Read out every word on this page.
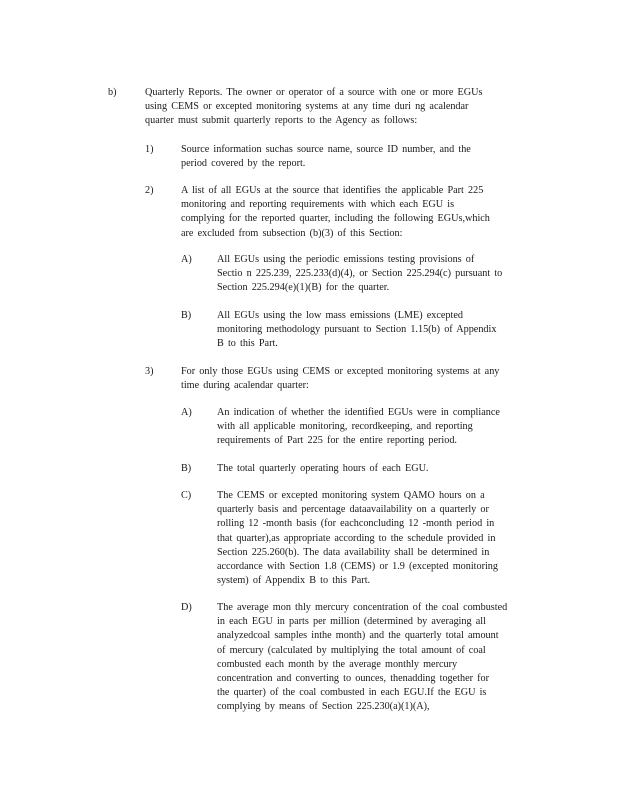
b)	Quarterly Reports. The owner or operator of a source with one or more EGUs
using CEMS or excepted monitoring systems at any time duri ng acalendar
quarter must submit quarterly reports to the Agency as follows:
1)	Source information suchas source name, source ID number, and the
period covered by the report.
2)	A list of all EGUs at the source that identifies the applicable Part 225
monitoring and reporting requirements with which each EGU is
complying for the reported quarter, including the following EGUs,which
are excluded from subsection (b)(3) of this Section:
A) All EGUs using the periodic emissions testing provisions of
Sectio n 225.239, 225.233(d)(4), or Section 225.294(c) pursuant to
Section 225.294(e)(1)(B) for the quarter.
B)	All EGUs using the low mass emissions (LME) excepted
monitoring methodology pursuant to Section 1.15(b) of Appendix
B to this Part.
3)	For only those EGUs using CEMS or excepted monitoring systems at any
time during acalendar quarter:
A) An indication of whether the identified EGUs were in compliance
with all applicable monitoring, recordkeeping, and reporting
requirements of Part 225 for the entire reporting period.
B)	The total quarterly operating hours of each EGU.
C)	The CEMS or excepted monitoring system QAMO hours on a
quarterly basis and percentage dataavailability on a quarterly or
rolling 12 -month basis (for eachconcluding 12 -month period in
that quarter),as appropriate according to the schedule provided in
Section 225.260(b). The data availability shall be determined in
accordance with Section 1.8 (CEMS) or 1.9 (excepted monitoring
system) of Appendix B to this Part.
D) The average mon thly mercury concentration of the coal combusted
in each EGU in parts per million (determined by averaging all
analyzedcoal samples inthe month) and the quarterly total amount
of mercury (calculated by multiplying the total amount of coal
combusted each month by the average monthly mercury
concentration and converting to ounces, thenadding together for
the quarter) of the coal combusted in each EGU.If the EGU is
complying by means of Section 225.230(a)(1)(A),
